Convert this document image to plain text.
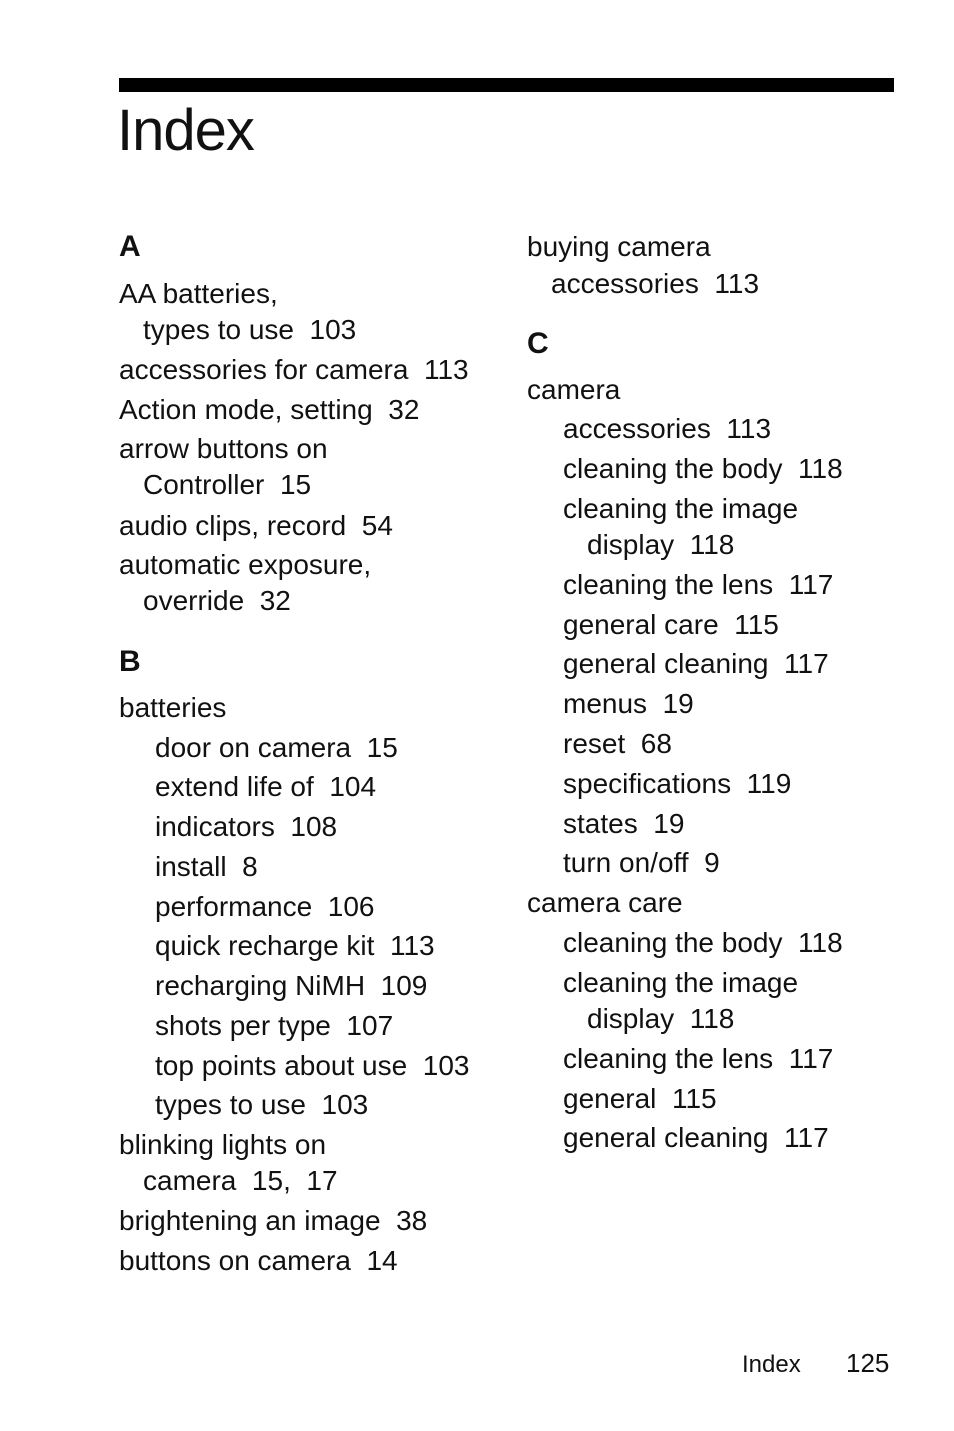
Index
A
AA batteries,
types to use  103
accessories for camera  113
Action mode, setting  32
arrow buttons on
Controller  15
audio clips, record  54
automatic exposure,
override  32
B
batteries
door on camera  15
extend life of  104
indicators  108
install  8
performance  106
quick recharge kit  113
recharging NiMH  109
shots per type  107
top points about use  103
types to use  103
blinking lights on
camera  15,  17
brightening an image  38
buttons on camera  14
buying camera
accessories  113
C
camera
accessories  113
cleaning the body  118
cleaning the image
display  118
cleaning the lens  117
general care  115
general cleaning  117
menus  19
reset  68
specifications  119
states  19
turn on/off  9
camera care
cleaning the body  118
cleaning the image
display  118
cleaning the lens  117
general  115
general cleaning  117
Index 125
